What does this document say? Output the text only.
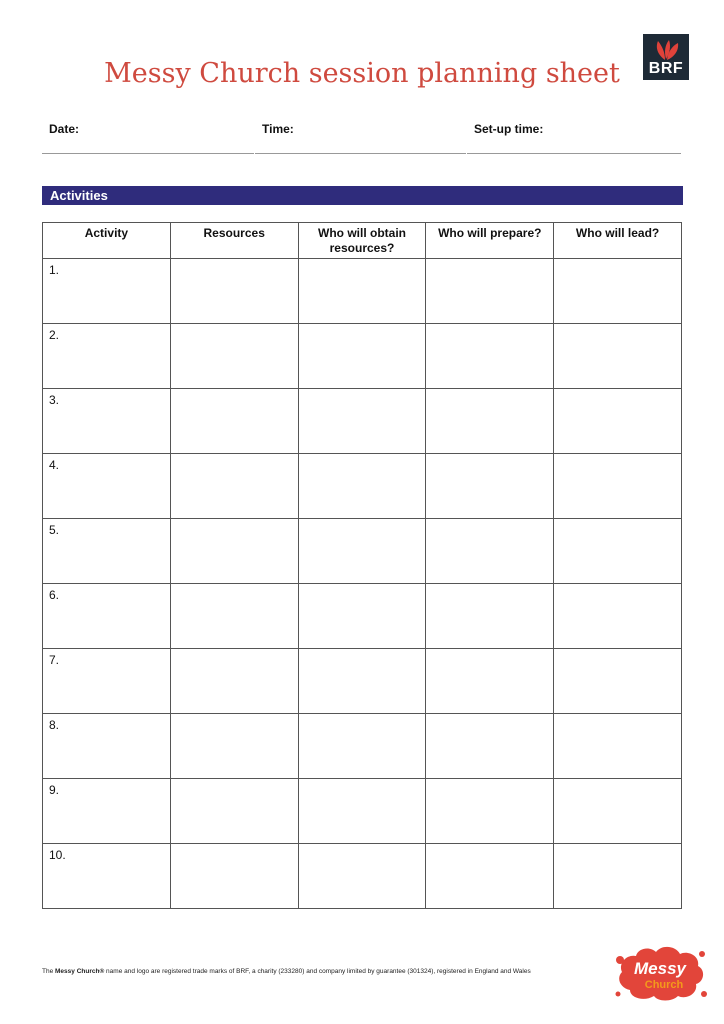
Messy Church session planning sheet	BRF
Date:	Time:	Set-up time:
Activities
Activity	Resources	Who will obtain resources?	Who will prepare?	Who will lead?
1.				
2.				
3.				
4.				
5.				
6.				
7.				
8.				
9.				
10.				
The Messy Church® name and logo are registered trade marks of BRF, a charity (233280) and company limited by guarantee (301324), registered in England and Wales	Messy
Church
